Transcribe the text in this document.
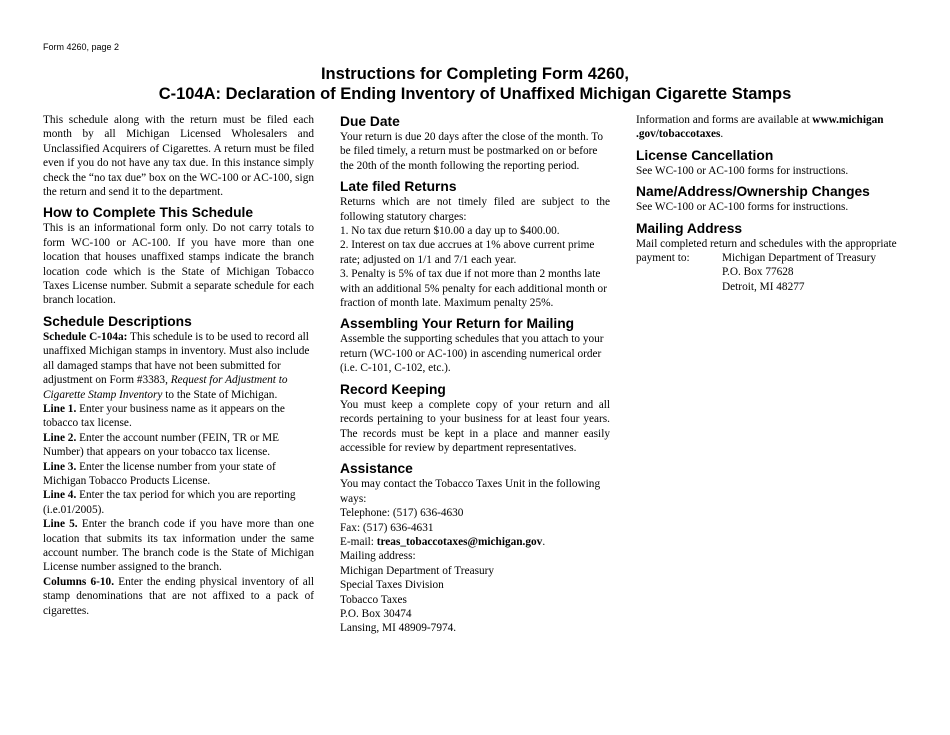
Form 4260, page 2
Instructions for Completing Form 4260,
C-104A: Declaration of Ending Inventory of Unaffixed Michigan Cigarette Stamps

This schedule along with the return must be filed each month by all Michigan Licensed Wholesalers and Unclassified Acquirers of Cigarettes. A return must be filed even if you do not have any tax due. In this instance simply check the “no tax due” box on the WC-100 or AC-100, sign the return and send it to the department.

How to Complete This Schedule

This is an informational form only. Do not carry totals to form WC-100 or AC-100. If you have more than one location that houses unaffixed stamps indicate the branch location code which is the State of Michigan Tobacco Taxes License number. Submit a separate schedule for each branch location.

Schedule Descriptions

Schedule C-104a: This schedule is to be used to record all unaffixed Michigan stamps in inventory. Must also include all damaged stamps that have not been submitted for adjustment on Form #3383, Request for Adjustment to Cigarette Stamp Inventory to the State of Michigan.

Line 1. Enter your business name as it appears on the tobacco tax license.

Line 2. Enter the account number (FEIN, TR or ME Number) that appears on your tobacco tax license.

Line 3. Enter the license number from your state of Michigan Tobacco Products License.

Line 4. Enter the tax period for which you are reporting (i.e.01/2005).

Line 5. Enter the branch code if you have more than one location that submits its tax information under the same account number. The branch code is the State of Michigan License number assigned to the branch.

Columns 6-10. Enter the ending physical inventory of all stamp denominations that are not affixed to a pack of cigarettes.

Due Date

Your return is due 20 days after the close of the month. To be filed timely, a return must be postmarked on or before the 20th of the month following the reporting period.

Late filed Returns

Returns which are not timely filed are subject to the following statutory charges:

1. No tax due return $10.00 a day up to $400.00.

2. Interest on tax due accrues at 1% above current prime rate; adjusted on 1/1 and 7/1 each year.

3. Penalty is 5% of tax due if not more than 2 months late with an additional 5% penalty for each additional month or fraction of month late. Maximum penalty 25%.

Assembling Your Return for Mailing

Assemble the supporting schedules that you attach to your return (WC-100 or AC-100) in ascending numerical order (i.e. C-101, C-102, etc.).

Record Keeping

You must keep a complete copy of your return and all records pertaining to your business for at least four years. The records must be kept in a place and manner easily accessible for review by department representatives.

Assistance

You may contact the Tobacco Taxes Unit in the following ways:

Telephone: (517) 636-4630

Fax: (517) 636-4631

E-mail: treas_tobaccotaxes@michigan.gov.

Mailing address:

Michigan Department of Treasury

Special Taxes Division

Tobacco Taxes

P.O. Box 30474

Lansing, MI 48909-7974.

Information and forms are available at www.michigan
.gov/tobaccotaxes.

License Cancellation

See WC-100 or AC-100 forms for instructions.

Name/Address/Ownership Changes

See WC-100 or AC-100 forms for instructions.

Mailing Address

Mail completed return and schedules with the appropriate

payment to:	Michigan Department of Treasury
P.O. Box 77628
Detroit, MI 48277
